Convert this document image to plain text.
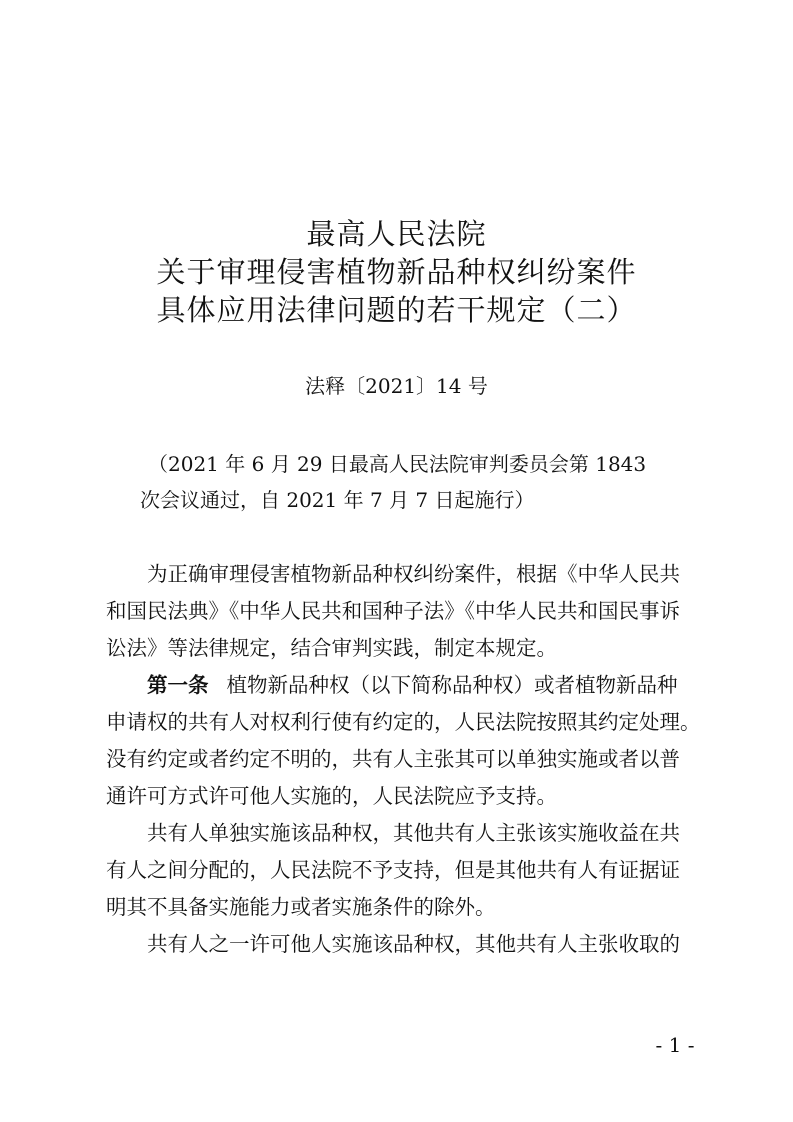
最高人民法院
关于审理侵害植物新品种权纠纷案件
具体应用法律问题的若干规定（二）
法释〔2021〕14 号
（2021 年 6 月 29 日最高人民法院审判委员会第 1843
次会议通过，自 2021 年 7 月 7 日起施行）
为正确审理侵害植物新品种权纠纷案件，根据《中华人民共
和国民法典》《中华人民共和国种子法》《中华人民共和国民事诉
讼法》等法律规定，结合审判实践，制定本规定。
第一条 植物新品种权（以下简称品种权）或者植物新品种
申请权的共有人对权利行使有约定的，人民法院按照其约定处理。
没有约定或者约定不明的，共有人主张其可以单独实施或者以普
通许可方式许可他人实施的，人民法院应予支持。
共有人单独实施该品种权，其他共有人主张该实施收益在共
有人之间分配的，人民法院不予支持，但是其他共有人有证据证
明其不具备实施能力或者实施条件的除外。
共有人之一许可他人实施该品种权，其他共有人主张收取的
- 1 -
